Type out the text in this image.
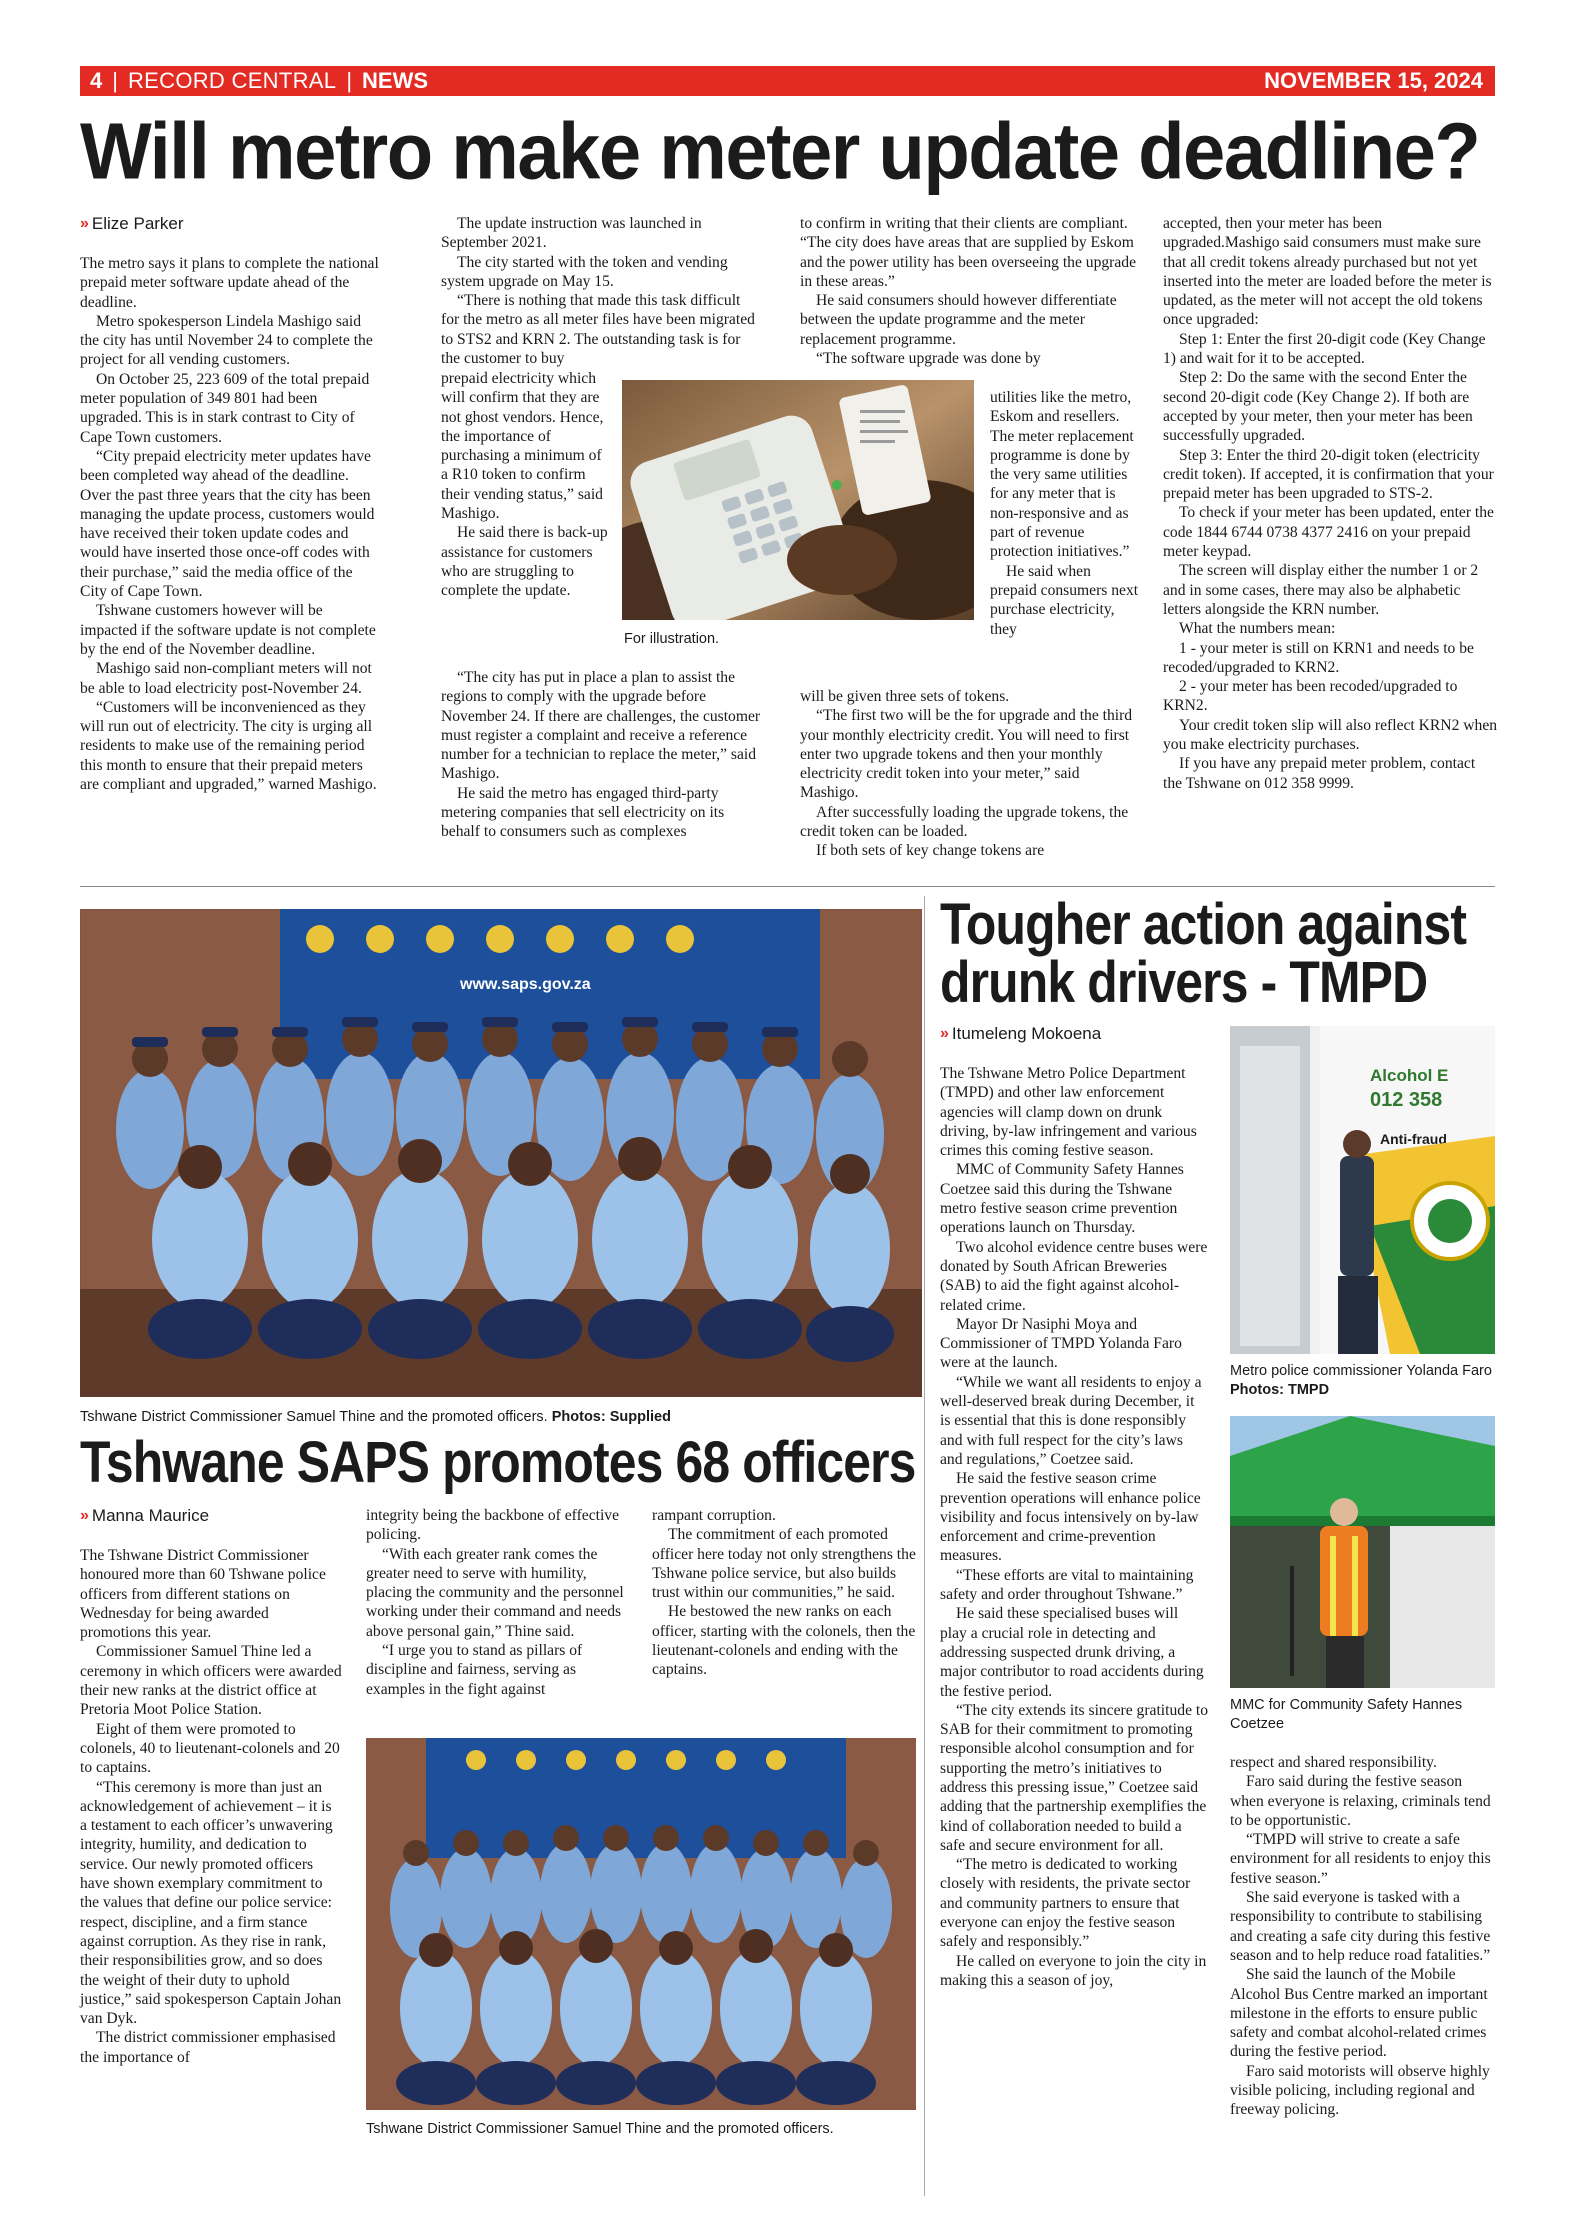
4 | RECORD CENTRAL | NEWS	NOVEMBER 15, 2024
Will metro make meter update deadline?
» Elize Parker

The metro says it plans to complete the national prepaid meter software update ahead of the deadline.

Metro spokesperson Lindela Mashigo said the city has until November 24 to complete the project for all vending customers.

On October 25, 223 609 of the total prepaid meter population of 349 801 had been upgraded. This is in stark contrast to City of Cape Town customers.

“City prepaid electricity meter updates have been completed way ahead of the deadline. Over the past three years that the city has been managing the update process, customers would have received their token update codes and would have inserted those once-off codes with their purchase,” said the media office of the City of Cape Town.

Tshwane customers however will be impacted if the software update is not complete by the end of the November deadline.

Mashigo said non-compliant meters will not be able to load electricity post-November 24.

“Customers will be inconvenienced as they will run out of electricity. The city is urging all residents to make use of the remaining period this month to ensure that their prepaid meters are compliant and upgraded,” warned Mashigo.

The update instruction was launched in September 2021.

The city started with the token and vending system upgrade on May 15.

“There is nothing that made this task difficult for the metro as all meter files have been migrated to STS2 and KRN 2. The outstanding task is for the customer to buy

prepaid electricity which will confirm that they are not ghost vendors. Hence, the importance of purchasing a minimum of a R10 token to confirm their vending status,” said Mashigo.

He said there is back-up assistance for customers who are struggling to complete the update.

“The city has put in place a plan to assist the regions to comply with the upgrade before November 24. If there are challenges, the customer must register a complaint and receive a reference number for a technician to replace the meter,” said Mashigo.

He said the metro has engaged third-party metering companies that sell electricity on its behalf to consumers such as complexes

For illustration.

to confirm in writing that their clients are compliant. “The city does have areas that are supplied by Eskom and the power utility has been overseeing the upgrade in these areas.”

He said consumers should however differentiate between the update programme and the meter replacement programme.

“The software upgrade was done by

utilities like the metro, Eskom and resellers. The meter replacement programme is done by the very same utilities for any meter that is non-responsive and as part of revenue protection initiatives.”

He said when prepaid consumers next purchase electricity, they

will be given three sets of tokens.

“The first two will be the for upgrade and the third your monthly electricity credit. You will need to first enter two upgrade tokens and then your monthly electricity credit token into your meter,” said Mashigo.

After successfully loading the upgrade tokens, the credit token can be loaded.

If both sets of key change tokens are

accepted, then your meter has been upgraded.Mashigo said consumers must make sure that all credit tokens already purchased but not yet inserted into the meter are loaded before the meter is updated, as the meter will not accept the old tokens once upgraded:

Step 1: Enter the first 20-digit code (Key Change 1) and wait for it to be accepted.

Step 2: Do the same with the second Enter the second 20-digit code (Key Change 2). If both are accepted by your meter, then your meter has been successfully upgraded.

Step 3: Enter the third 20-digit token (electricity credit token). If accepted, it is confirmation that your prepaid meter has been upgraded to STS-2.

To check if your meter has been updated, enter the code 1844 6744 0738 4377 2416 on your prepaid meter keypad.

The screen will display either the number 1 or 2 and in some cases, there may also be alphabetic letters alongside the KRN number.

What the numbers mean:

1 - your meter is still on KRN1 and needs to be recoded/upgraded to KRN2.

2 - your meter has been recoded/upgraded to KRN2.

Your credit token slip will also reflect KRN2 when you make electricity purchases.

If you have any prepaid meter problem, contact the Tshwane on 012 358 9999.

www.saps.gov.za
Tshwane District Commissioner Samuel Thine and the promoted officers. Photos: Supplied
Tshwane SAPS promotes 68 officers
» Manna Maurice

The Tshwane District Commissioner honoured more than 60 Tshwane police officers from different stations on Wednesday for being awarded promotions this year.

Commissioner Samuel Thine led a ceremony in which officers were awarded their new ranks at the district office at Pretoria Moot Police Station.

Eight of them were promoted to colonels, 40 to lieutenant-colonels and 20 to captains.

“This ceremony is more than just an acknowledgement of achievement – it is a testament to each officer’s unwavering integrity, humility, and dedication to service. Our newly promoted officers have shown exemplary commitment to the values that define our police service: respect, discipline, and a firm stance against corruption. As they rise in rank, their responsibilities grow, and so does the weight of their duty to uphold justice,” said spokesperson Captain Johan van Dyk.

The district commissioner emphasised the importance of

integrity being the backbone of effective policing.

“With each greater rank comes the greater need to serve with humility, placing the community and the personnel working under their command and needs above personal gain,” Thine said.

“I urge you to stand as pillars of discipline and fairness, serving as examples in the fight against

rampant corruption.

The commitment of each promoted officer here today not only strengthens the Tshwane police service, but also builds trust within our communities,” he said.

He bestowed the new ranks on each officer, starting with the colonels, then the lieutenant-colonels and ending with the captains.

Tshwane District Commissioner Samuel Thine and the promoted officers.
Tougher action against
drunk drivers - TMPD
» Itumeleng Mokoena

The Tshwane Metro Police Department (TMPD) and other law enforcement agencies will clamp down on drunk driving, by-law infringement and various crimes this coming festive season.

MMC of Community Safety Hannes Coetzee said this during the Tshwane metro festive season crime prevention operations launch on Thursday.

Two alcohol evidence centre buses were donated by South African Breweries (SAB) to aid the fight against alcohol-related crime.

Mayor Dr Nasiphi Moya and Commissioner of TMPD Yolanda Faro were at the launch.

“While we want all residents to enjoy a well-deserved break during December, it is essential that this is done responsibly and with full respect for the city’s laws and regulations,” Coetzee said.

He said the festive season crime prevention operations will enhance police visibility and focus intensively on by-law enforcement and crime-prevention measures.

“These efforts are vital to maintaining safety and order throughout Tshwane.”

He said these specialised buses will play a crucial role in detecting and addressing suspected drunk driving, a major contributor to road accidents during the festive period.

“The city extends its sincere gratitude to SAB for their commitment to promoting responsible alcohol consumption and for supporting the metro’s initiatives to address this pressing issue,” Coetzee said adding that the partnership exemplifies the kind of collaboration needed to build a safe and secure environment for all.

“The metro is dedicated to working closely with residents, the private sector and community partners to ensure that everyone can enjoy the festive season safely and responsibly.”

He called on everyone to join the city in making this a season of joy,

Alcohol E
012 358
Anti-fraud
Metro police commissioner Yolanda Faro Photos: TMPD
MMC for Community Safety Hannes Coetzee

respect and shared responsibility.

Faro said during the festive season when everyone is relaxing, criminals tend to be opportunistic.

“TMPD will strive to create a safe environment for all residents to enjoy this festive season.”

She said everyone is tasked with a responsibility to contribute to stabilising and creating a safe city during this festive season and to help reduce road fatalities.”

She said the launch of the Mobile Alcohol Bus Centre marked an important milestone in the efforts to ensure public safety and combat alcohol-related crimes during the festive period.

Faro said motorists will observe highly visible policing, including regional and freeway policing.
